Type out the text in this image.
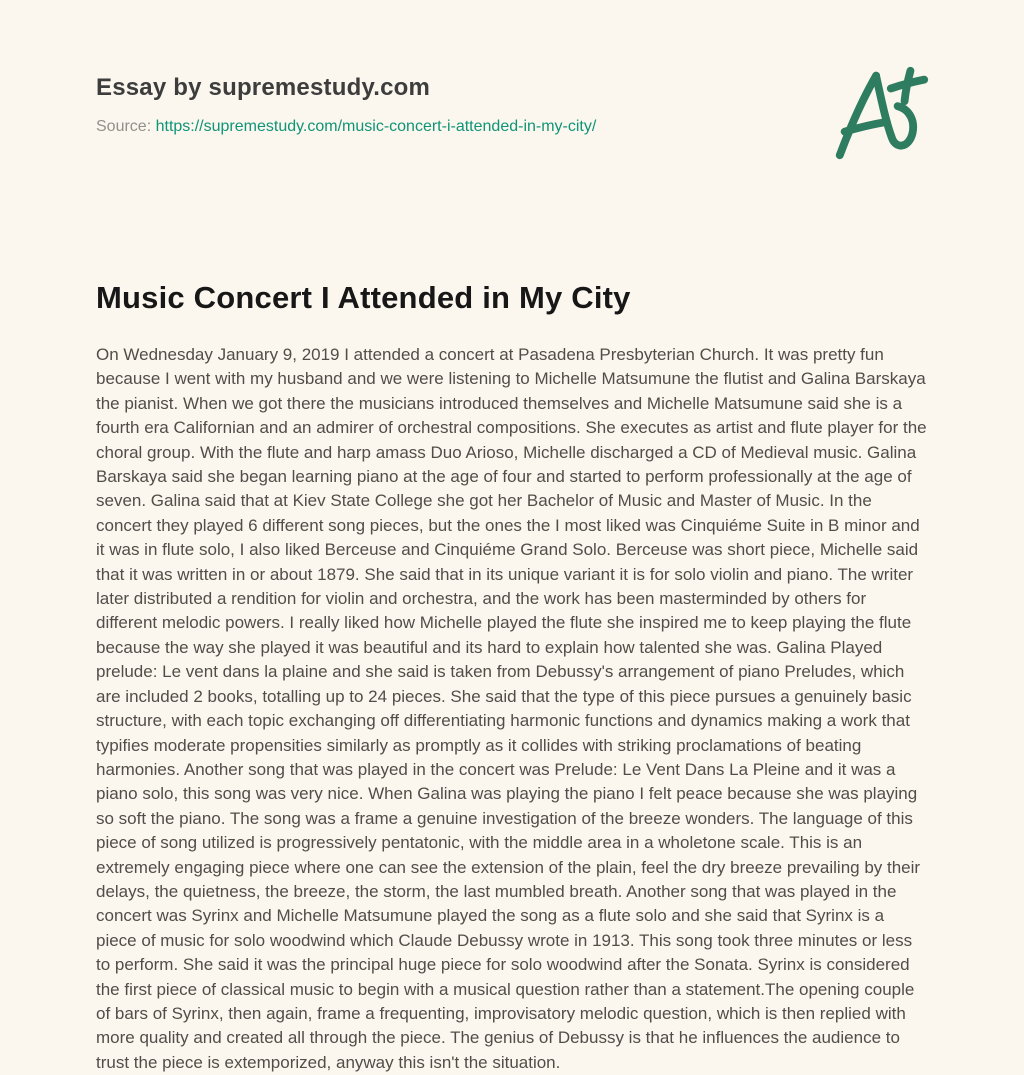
Essay by supremestudy.com
Source: https://supremestudy.com/music-concert-i-attended-in-my-city/
Music Concert I Attended in My City

On Wednesday January 9, 2019 I attended a concert at Pasadena Presbyterian Church. It was pretty fun because I went with my husband and we were listening to Michelle Matsumune the flutist and Galina Barskaya the pianist. When we got there the musicians introduced themselves and Michelle Matsumune said she is a fourth era Californian and an admirer of orchestral compositions. She executes as artist and flute player for the choral group. With the flute and harp amass Duo Arioso, Michelle discharged a CD of Medieval music. Galina Barskaya said she began learning piano at the age of four and started to perform professionally at the age of seven. Galina said that at Kiev State College she got her Bachelor of Music and Master of Music. In the concert they played 6 different song pieces, but the ones the I most liked was Cinquiéme Suite in B minor and it was in flute solo, I also liked Berceuse and Cinquiéme Grand Solo. Berceuse was short piece, Michelle said that it was written in or about 1879. She said that in its unique variant it is for solo violin and piano. The writer later distributed a rendition for violin and orchestra, and the work has been masterminded by others for different melodic powers. I really liked how Michelle played the flute she inspired me to keep playing the flute because the way she played it was beautiful and its hard to explain how talented she was. Galina Played prelude: Le vent dans la plaine and she said is taken from Debussy's arrangement of piano Preludes, which are included 2 books, totalling up to 24 pieces. She said that the type of this piece pursues a genuinely basic structure, with each topic exchanging off differentiating harmonic functions and dynamics making a work that typifies moderate propensities similarly as promptly as it collides with striking proclamations of beating harmonies. Another song that was played in the concert was Prelude: Le Vent Dans La Pleine and it was a piano solo, this song was very nice. When Galina was playing the piano I felt peace because she was playing so soft the piano. The song was a frame a genuine investigation of the breeze wonders. The language of this piece of song utilized is progressively pentatonic, with the middle area in a wholetone scale. This is an extremely engaging piece where one can see the extension of the plain, feel the dry breeze prevailing by their delays, the quietness, the breeze, the storm, the last mumbled breath. Another song that was played in the concert was Syrinx and Michelle Matsumune played the song as a flute solo and she said that Syrinx is a piece of music for solo woodwind which Claude Debussy wrote in 1913. This song took three minutes or less to perform. She said it was the principal huge piece for solo woodwind after the Sonata. Syrinx is considered the first piece of classical music to begin with a musical question rather than a statement.The opening couple of bars of Syrinx, then again, frame a frequenting, improvisatory melodic question, which is then replied with more quality and created all through the piece. The genius of Debussy is that he influences the audience to trust the piece is extemporized, anyway this isn't the situation.
